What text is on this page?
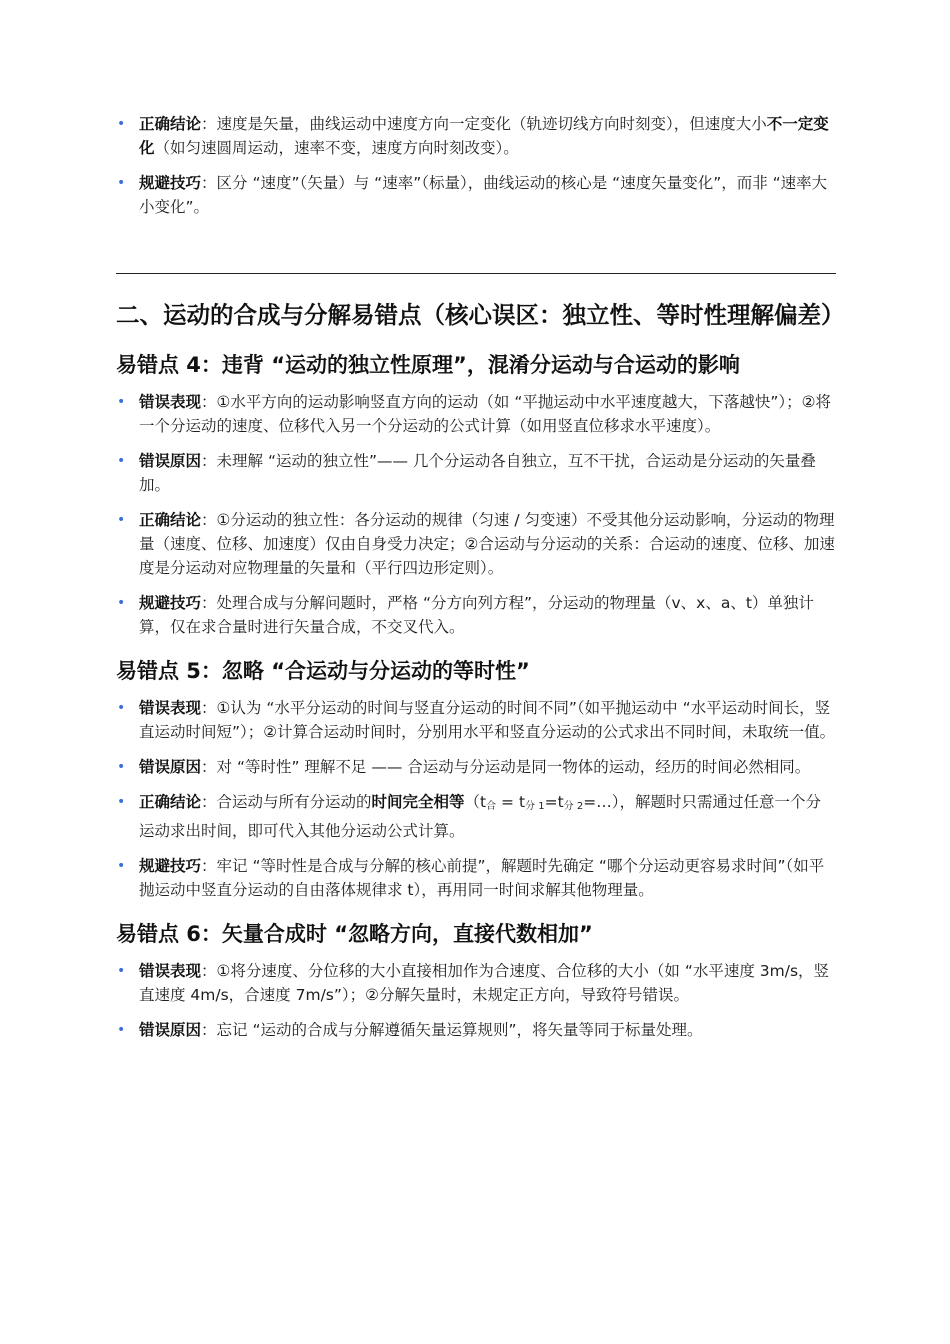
• 正确结论：速度是矢量，曲线运动中速度方向一定变化（轨迹切线方向时刻变），但速度大小不一定变化（如匀速圆周运动，速率不变，速度方向时刻改变）。
• 规避技巧：区分 “速度”（矢量）与 “速率”（标量），曲线运动的核心是 “速度矢量变化”，而非 “速率大小变化”。
二、运动的合成与分解易错点（核心误区：独立性、等时性理解偏差）
易错点 4：违背 “运动的独立性原理”，混淆分运动与合运动的影响
• 错误表现：①水平方向的运动影响竖直方向的运动（如 “平抛运动中水平速度越大，下落越快”）；②将一个分运动的速度、位移代入另一个分运动的公式计算（如用竖直位移求水平速度）。
• 错误原因：未理解 “运动的独立性”—— 几个分运动各自独立，互不干扰，合运动是分运动的矢量叠加。
• 正确结论：①分运动的独立性：各分运动的规律（匀速 / 匀变速）不受其他分运动影响，分运动的物理量（速度、位移、加速度）仅由自身受力决定；②合运动与分运动的关系：合运动的速度、位移、加速度是分运动对应物理量的矢量和（平行四边形定则）。
• 规避技巧：处理合成与分解问题时，严格 “分方向列方程”，分运动的物理量（v、x、a、t）单独计算，仅在求合量时进行矢量合成，不交叉代入。
易错点 5：忽略 “合运动与分运动的等时性”
• 错误表现：①认为 “水平分运动的时间与竖直分运动的时间不同”（如平抛运动中 “水平运动时间长，竖直运动时间短”）；②计算合运动时间时，分别用水平和竖直分运动的公式求出不同时间，未取统一值。
• 错误原因：对 “等时性” 理解不足 —— 合运动与分运动是同一物体的运动，经历的时间必然相同。
• 正确结论：合运动与所有分运动的时间完全相等（$t_合$ = $t_{分 1}=t_{分 2}=\dots$），解题时只需通过任意一个分运动求出时间，即可代入其他分运动公式计算。
• 规避技巧：牢记 “等时性是合成与分解的核心前提”，解题时先确定 “哪个分运动更容易求时间”（如平抛运动中竖直分运动的自由落体规律求 t），再用同一时间求解其他物理量。
易错点 6：矢量合成时 “忽略方向，直接代数相加”
• 错误表现：①将分速度、分位移的大小直接相加作为合速度、合位移的大小（如 “水平速度 3m/s，竖直速度 4m/s，合速度 7m/s”）；②分解矢量时，未规定正方向，导致符号错误。
• 错误原因：忘记 “运动的合成与分解遵循矢量运算规则”，将矢量等同于标量处理。
